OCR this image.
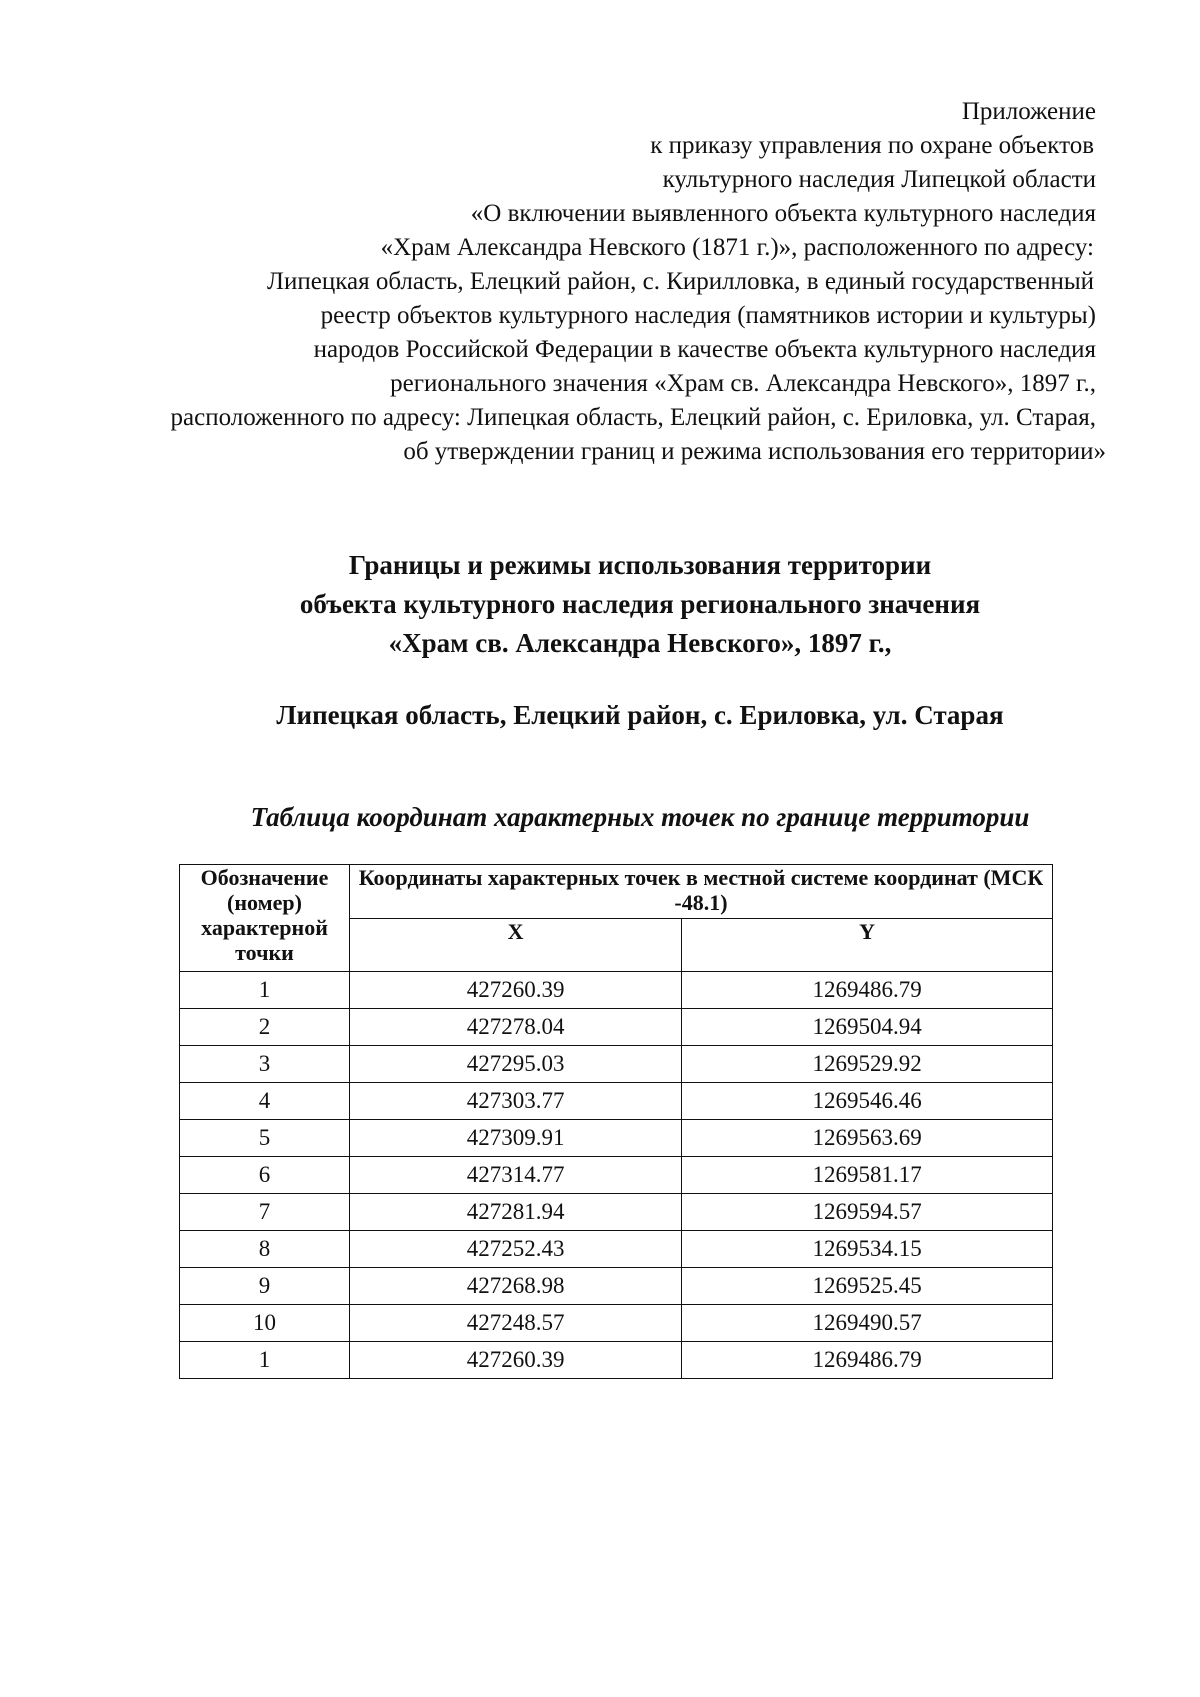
Приложение
к приказу управления по охране объектов
культурного наследия Липецкой области
«О включении выявленного объекта культурного наследия
«Храм Александра Невского (1871 г.)», расположенного по адресу:
Липецкая область, Елецкий район, с. Кирилловка, в единый государственный
реестр объектов культурного наследия (памятников истории и культуры)
народов Российской Федерации в качестве объекта культурного наследия
регионального значения «Храм св. Александра Невского», 1897 г.,
расположенного по адресу: Липецкая область, Елецкий район, с. Ериловка, ул. Старая,
об утверждении границ и режима использования его территории»
Границы и режимы использования территории
объекта культурного наследия регионального значения
«Храм св. Александра Невского», 1897 г.,
Липецкая область, Елецкий район, с. Ериловка, ул. Старая
Таблица координат характерных точек по границе территории
Обозначение (номер) характерной точки	Координаты характерных точек в местной системе координат (МСК -48.1)	
	X	Y
1	427260.39	1269486.79
2	427278.04	1269504.94
3	427295.03	1269529.92
4	427303.77	1269546.46
5	427309.91	1269563.69
6	427314.77	1269581.17
7	427281.94	1269594.57
8	427252.43	1269534.15
9	427268.98	1269525.45
10	427248.57	1269490.57
1	427260.39	1269486.79
